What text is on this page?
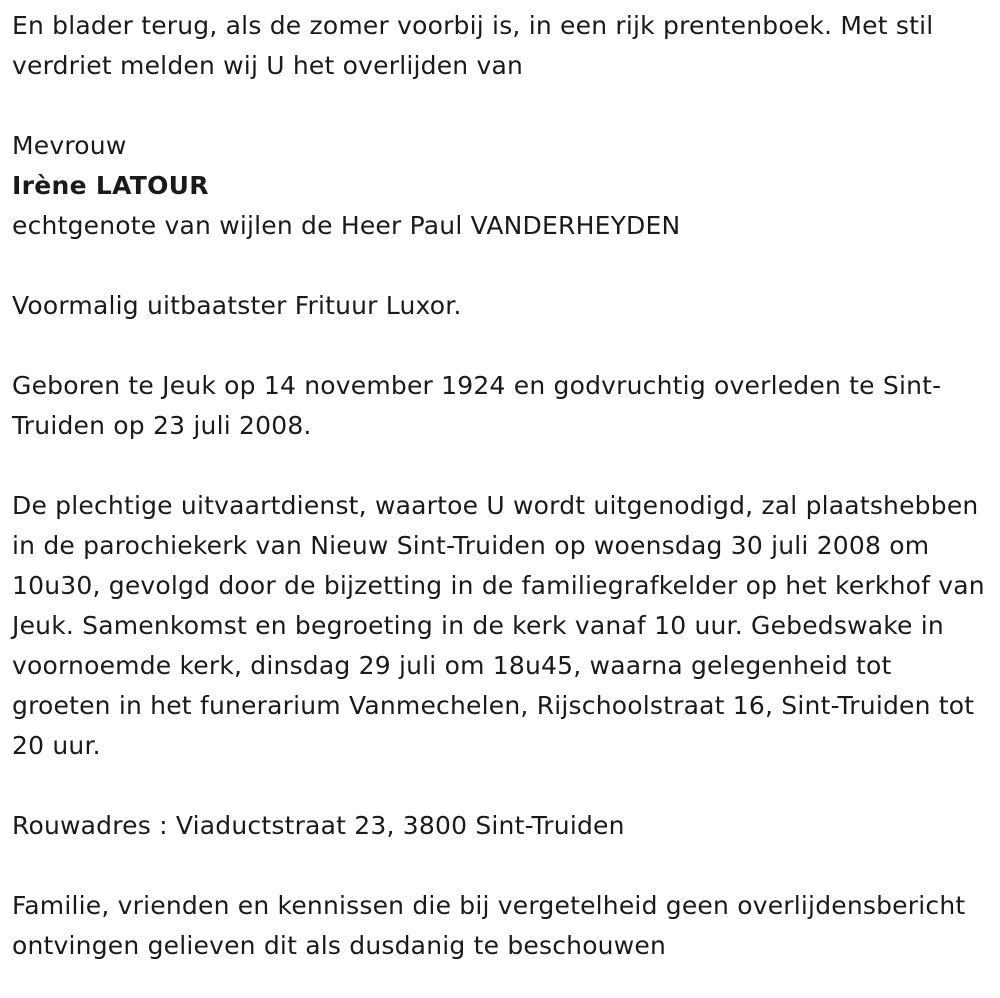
En blader terug, als de zomer voorbij is, in een rijk prentenboek. Met stil verdriet melden wij U het overlijden van

Mevrouw

Irène LATOUR

echtgenote van wijlen de Heer Paul VANDERHEYDEN

Voormalig uitbaatster Frituur Luxor.

Geboren te Jeuk op 14 november 1924 en godvruchtig overleden te Sint-Truiden op 23 juli 2008.

De plechtige uitvaartdienst, waartoe U wordt uitgenodigd, zal plaatshebben in de parochiekerk van Nieuw Sint-Truiden op woensdag 30 juli 2008 om 10u30, gevolgd door de bijzetting in de familiegrafkelder op het kerkhof van Jeuk. Samenkomst en begroeting in de kerk vanaf 10 uur. Gebedswake in voornoemde kerk, dinsdag 29 juli om 18u45, waarna gelegenheid tot groeten in het funerarium Vanmechelen, Rijschoolstraat 16, Sint-Truiden tot 20 uur.

Rouwadres : Viaductstraat 23, 3800 Sint-Truiden

Familie, vrienden en kennissen die bij vergetelheid geen overlijdensbericht ontvingen gelieven dit als dusdanig te beschouwen
